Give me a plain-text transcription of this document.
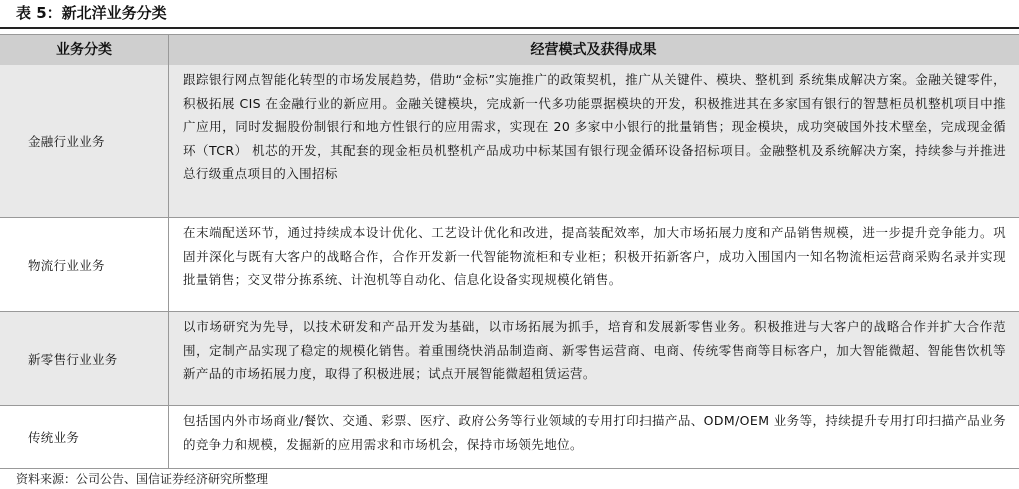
表 5：新北洋业务分类
业务分类	经营模式及获得成果
金融行业业务
跟踪银行网点智能化转型的市场发展趋势，借助“金标”实施推广的政策契机，推广从关键件、模块、整机到 系统集成解决方案。金融关键零件，积极拓展 CIS 在金融行业的新应用。金融关键模块，完成新一代多功能票据模块的开发，积极推进其在多家国有银行的智慧柜员机整机项目中推广应用，同时发掘股份制银行和地方性银行的应用需求，实现在 20 多家中小银行的批量销售；现金模块，成功突破国外技术壁垒，完成现金循环（TCR） 机芯的开发，其配套的现金柜员机整机产品成功中标某国有银行现金循环设备招标项目。金融整机及系统解决方案，持续参与并推进总行级重点项目的入围招标
物流行业业务
在末端配送环节，通过持续成本设计优化、工艺设计优化和改进，提高装配效率，加大市场拓展力度和产品销售规模，进一步提升竞争能力。巩固并深化与既有大客户的战略合作，合作开发新一代智能物流柜和专业柜；积极开拓新客户，成功入围国内一知名物流柜运营商采购名录并实现批量销售；交叉带分拣系统、计泡机等自动化、信息化设备实现规模化销售。
新零售行业业务
以市场研究为先导，以技术研发和产品开发为基础，以市场拓展为抓手，培育和发展新零售业务。积极推进与大客户的战略合作并扩大合作范围，定制产品实现了稳定的规模化销售。着重围绕快消品制造商、新零售运营商、电商、传统零售商等目标客户，加大智能微超、智能售饮机等新产品的市场拓展力度，取得了积极进展；试点开展智能微超租赁运营。
传统业务
包括国内外市场商业/餐饮、交通、彩票、医疗、政府公务等行业领域的专用打印扫描产品、ODM/OEM 业务等，持续提升专用打印扫描产品业务的竞争力和规模，发掘新的应用需求和市场机会，保持市场领先地位。
资料来源：公司公告、国信证券经济研究所整理
